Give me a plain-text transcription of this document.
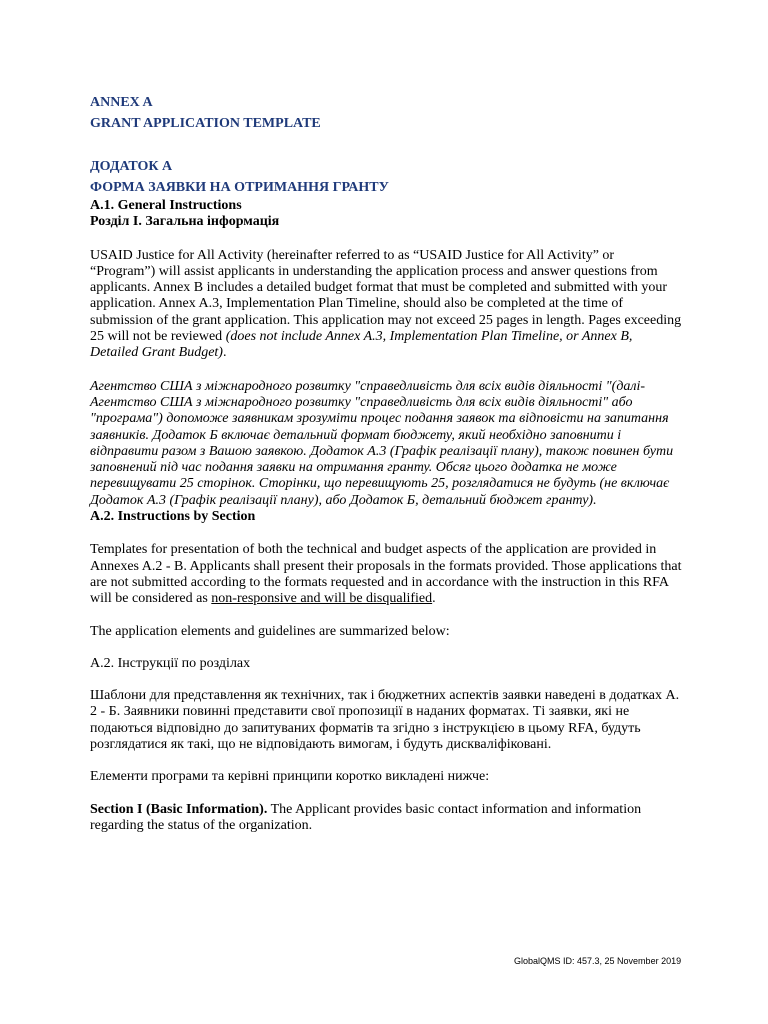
ANNEX A

GRANT APPLICATION TEMPLATE

ДОДАТОК А

ФОРМА ЗАЯВКИ НА ОТРИМАННЯ ГРАНТУ

A.1. General Instructions
Розділ І. Загальна інформація

USAID Justice for All Activity (hereinafter referred to as “USAID Justice for All Activity” or “Program”) will assist applicants in understanding the application process and answer questions from applicants. Annex B includes a detailed budget format that must be completed and submitted with your application. Annex A.3, Implementation Plan Timeline, should also be completed at the time of submission of the grant application. This application may not exceed 25 pages in length. Pages exceeding 25 will not be reviewed (does not include Annex A.3, Implementation Plan Timeline, or Annex B, Detailed Grant Budget).

Агентство США з міжнародного розвитку "справедливість для всіх видів діяльності "(далі- Агентство США з міжнародного розвитку "справедливість для всіх видів діяльності" або "програма") допоможе заявникам зрозуміти процес подання заявок та відповісти на запитання заявників. Додаток Б включає детальний формат бюджету, який необхідно заповнити і відправити разом з Вашою заявкою. Додаток А.3 (Графік реалізації плану), також повинен бути заповнений під час подання заявки на отримання гранту. Обсяг цього додатка не може перевищувати 25 сторінок. Сторінки, що перевищують 25, розглядатися не будуть (не включає Додаток А.3 (Графік реалізації плану), або Додаток Б, детальний бюджет гранту).

A.2. Instructions by Section

Templates for presentation of both the technical and budget aspects of the application are provided in Annexes A.2 - B. Applicants shall present their proposals in the formats provided. Those applications that are not submitted according to the formats requested and in accordance with the instruction in this RFA will be considered as non-responsive and will be disqualified.

The application elements and guidelines are summarized below:

A.2. Інструкції по розділах

Шаблони для представлення як технічних, так і бюджетних аспектів заявки наведені в додатках А. 2 - Б. Заявники повинні представити свої пропозиції в наданих форматах. Ті заявки, які не подаються відповідно до запитуваних форматів та згідно з інструкцією в цьому RFA, будуть розглядатися як такі, що не відповідають вимогам, і будуть дискваліфіковані.

Елементи програми та керівні принципи коротко викладені нижче:

Section I (Basic Information). The Applicant provides basic contact information and information regarding the status of the organization.

GlobalQMS ID: 457.3, 25 November 2019
